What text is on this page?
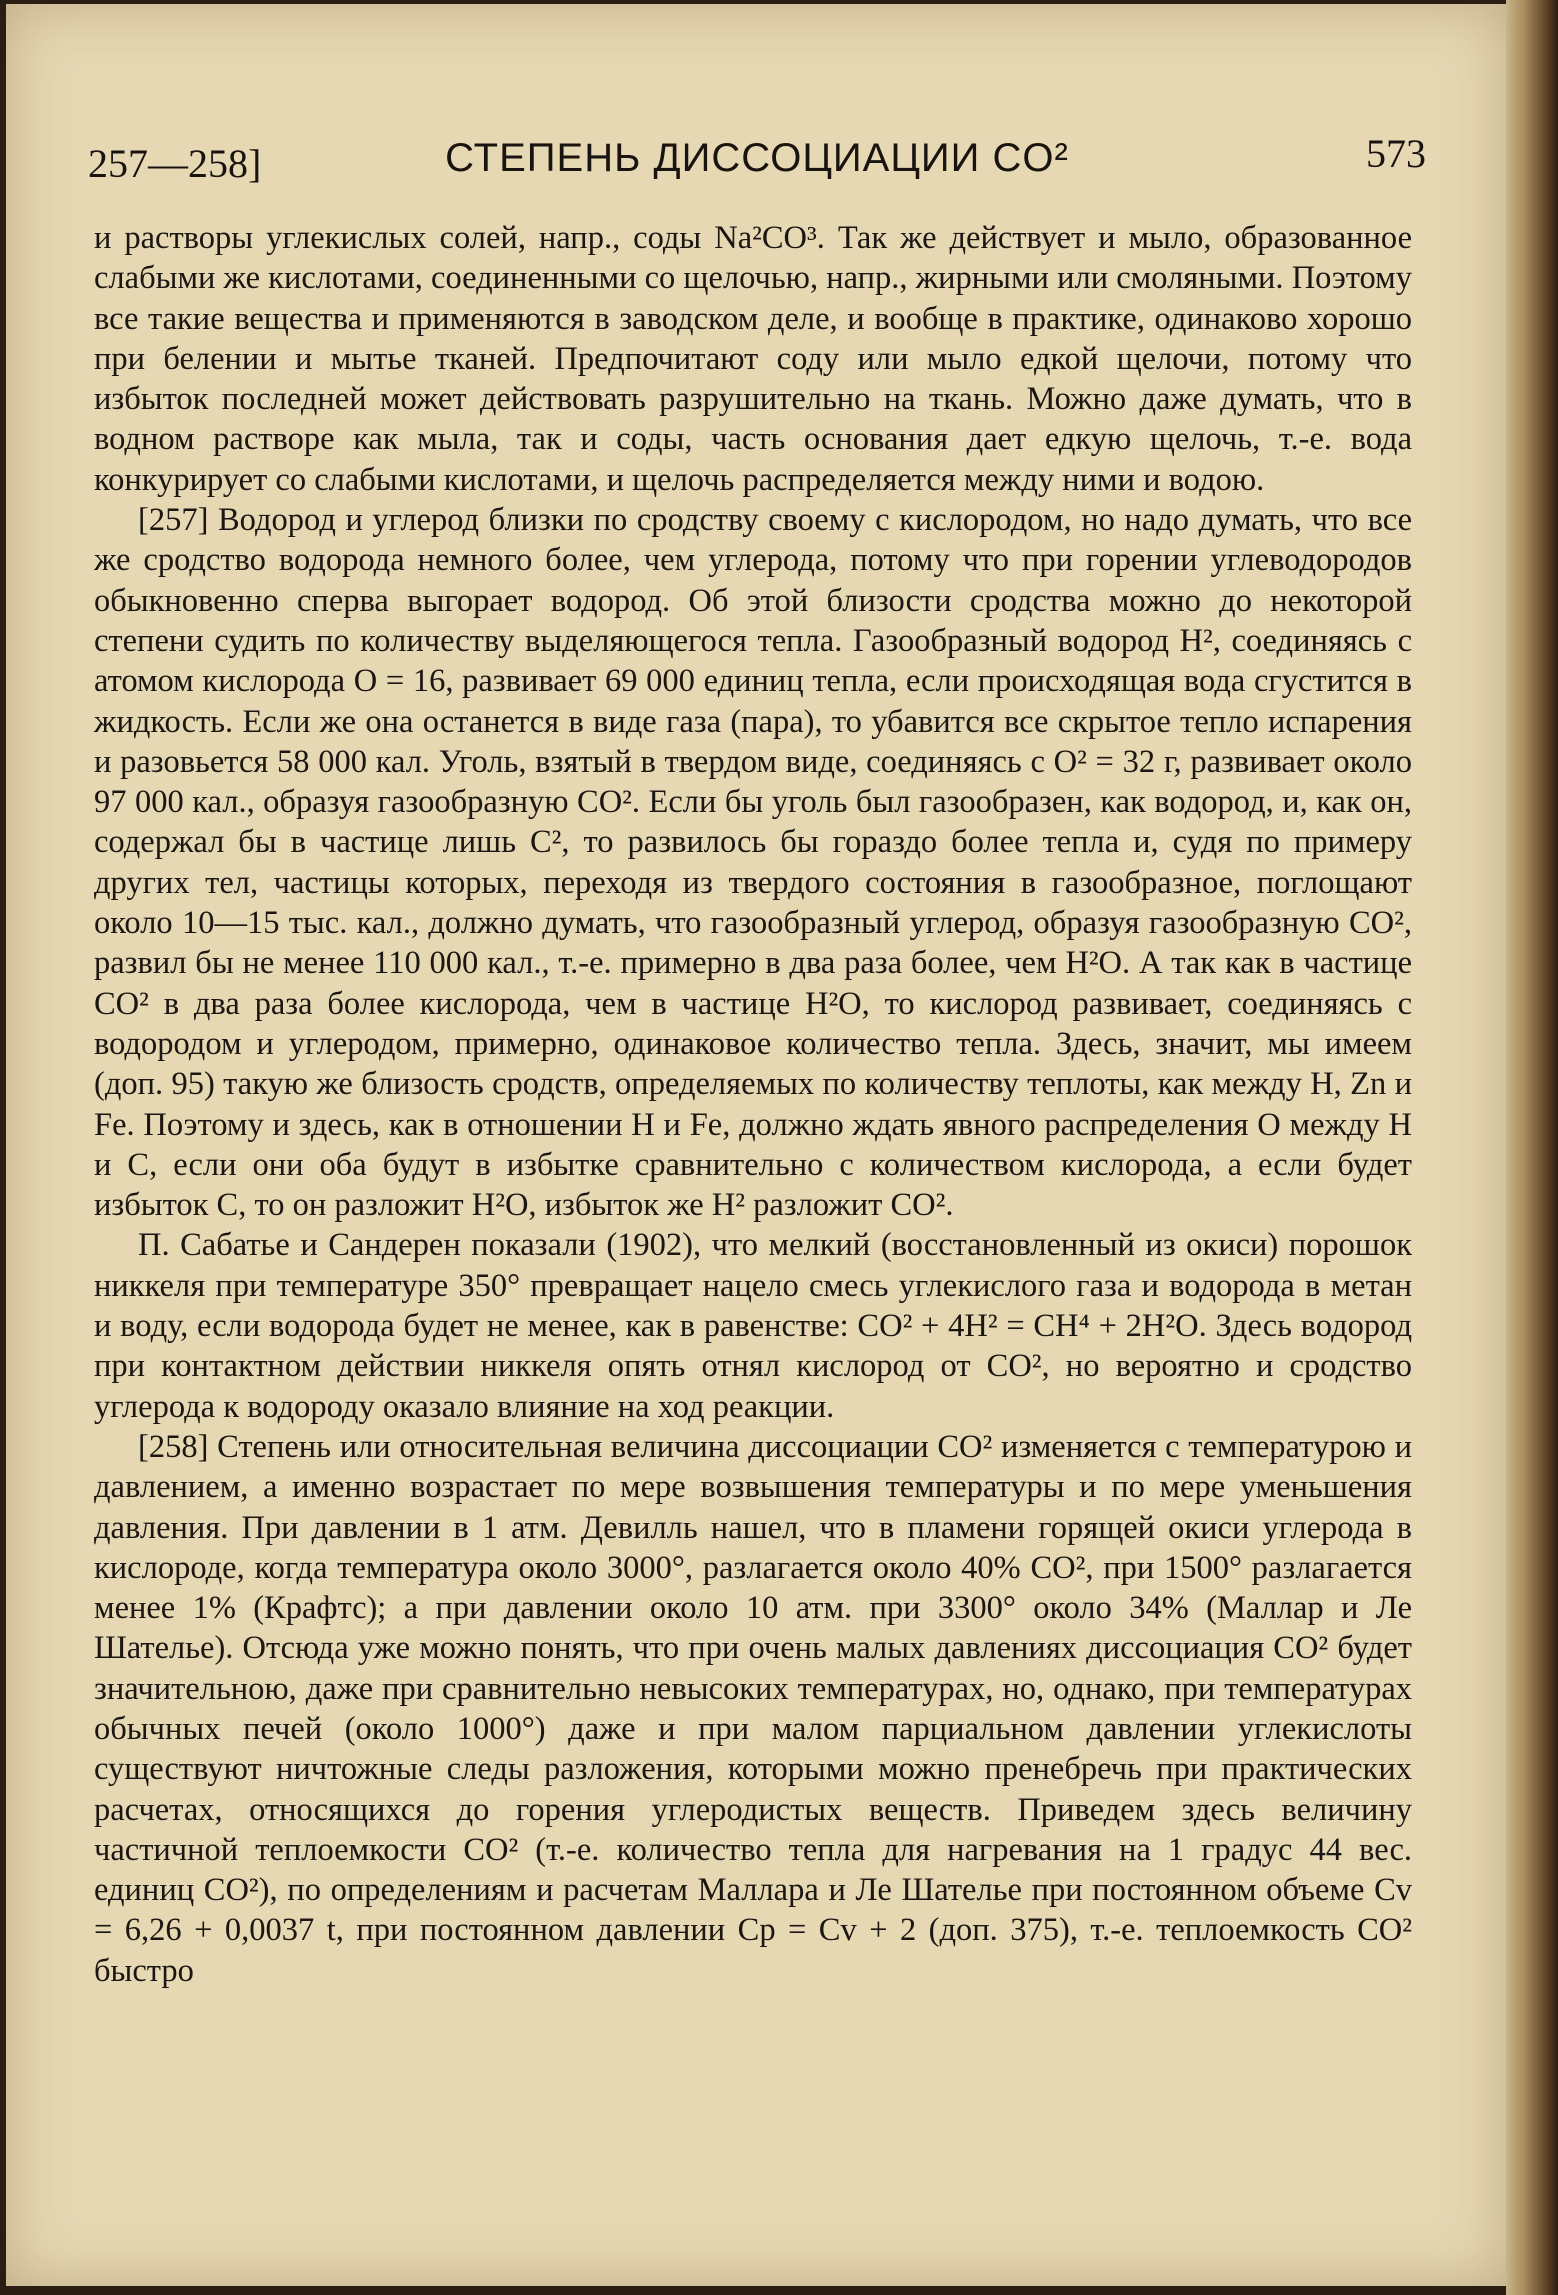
257—258]	СТЕПЕНЬ ДИССОЦИАЦИИ CO²	573

и растворы углекислых солей, напр., соды Na²CO³. Так же действует и мыло, образованное слабыми же кислотами, соединенными со щелочью, напр., жирными или смоляными. Поэтому все такие вещества и применяются в заводском деле, и вообще в практике, одинаково хорошо при белении и мытье тканей. Предпочитают соду или мыло едкой щелочи, потому что избыток последней может действовать разрушительно на ткань. Можно даже думать, что в водном растворе как мыла, так и соды, часть основания дает едкую щелочь, т.-е. вода конкурирует со слабыми кислотами, и щелочь распределяется между ними и водою.

[257] Водород и углерод близки по сродству своему с кислородом, но надо думать, что все же сродство водорода немного более, чем углерода, потому что при горении углеводородов обыкновенно сперва выгорает водород. Об этой близости сродства можно до некоторой степени судить по количеству выделяющегося тепла. Газообразный водород H², соединяясь с атомом кислорода O = 16, развивает 69 000 единиц тепла, если происходящая вода сгустится в жидкость. Если же она останется в виде газа (пара), то убавится все скрытое тепло испарения и разовьется 58 000 кал. Уголь, взятый в твердом виде, соединяясь с O² = 32 г, развивает около 97 000 кал., образуя газообразную CO². Если бы уголь был газообразен, как водород, и, как он, содержал бы в частице лишь C², то развилось бы гораздо более тепла и, судя по примеру других тел, частицы которых, переходя из твердого состояния в газообразное, поглощают около 10—15 тыс. кал., должно думать, что газообразный углерод, образуя газообразную CO², развил бы не менее 110 000 кал., т.-е. примерно в два раза более, чем H²O. А так как в частице CO² в два раза более кислорода, чем в частице H²O, то кислород развивает, соединяясь с водородом и углеродом, примерно, одинаковое количество тепла. Здесь, значит, мы имеем (доп. 95) такую же близость сродств, определяемых по количеству теплоты, как между H, Zn и Fe. Поэтому и здесь, как в отношении H и Fe, должно ждать явного распределения O между H и C, если они оба будут в избытке сравнительно с количеством кислорода, а если будет избыток C, то он разложит H²O, избыток же H² разложит CO².

П. Сабатье и Сандерен показали (1902), что мелкий (восстановленный из окиси) порошок никкеля при температуре 350° превращает нацело смесь углекислого газа и водорода в метан и воду, если водорода будет не менее, как в равенстве: CO² + 4H² = CH⁴ + 2H²O. Здесь водород при контактном действии никкеля опять отнял кислород от CO², но вероятно и сродство углерода к водороду оказало влияние на ход реакции.

[258] Степень или относительная величина диссоциации CO² изменяется с температурою и давлением, а именно возрастает по мере возвышения температуры и по мере уменьшения давления. При давлении в 1 атм. Девилль нашел, что в пламени горящей окиси углерода в кислороде, когда температура около 3000°, разлагается около 40% CO², при 1500° разлагается менее 1% (Крафтс); а при давлении около 10 атм. при 3300° около 34% (Маллар и Ле Шателье). Отсюда уже можно понять, что при очень малых давлениях диссоциация CO² будет значительною, даже при сравнительно невысоких температурах, но, однако, при температурах обычных печей (около 1000°) даже и при малом парциальном давлении углекислоты существуют ничтожные следы разложения, которыми можно пренебречь при практических расчетах, относящихся до горения углеродистых веществ. Приведем здесь величину частичной теплоемкости CO² (т.-е. количество тепла для нагревания на 1 градус 44 вес. единиц CO²), по определениям и расчетам Маллара и Ле Шателье при постоянном объеме Cv = 6,26 + 0,0037 t, при постоянном давлении Cp = Cv + 2 (доп. 375), т.-е. теплоемкость CO² быстро
